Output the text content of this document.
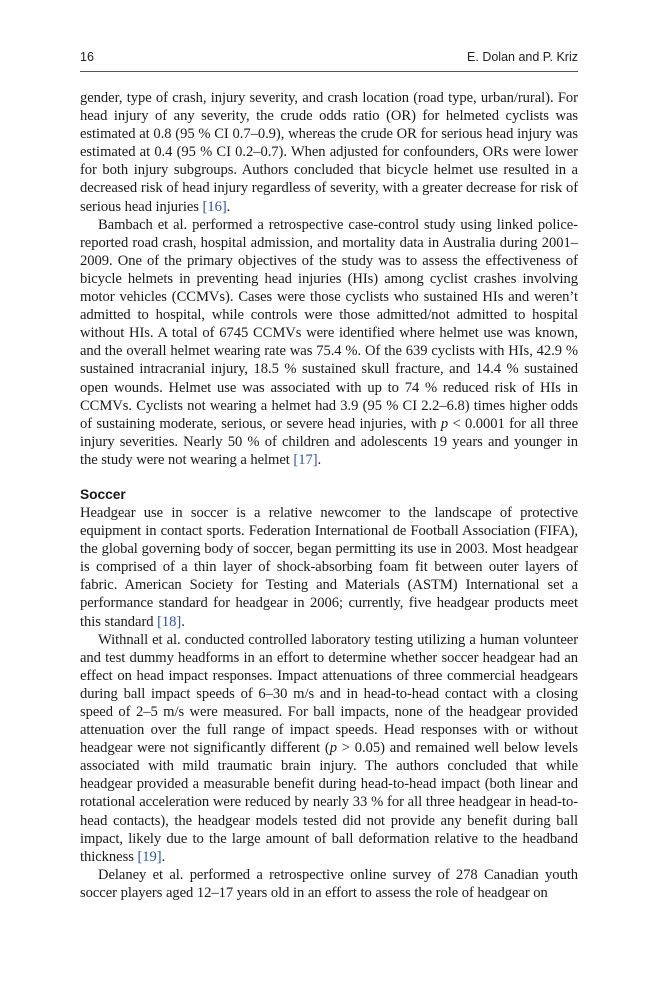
16	E. Dolan and P. Kriz

gender, type of crash, injury severity, and crash location (road type, urban/rural). For head injury of any severity, the crude odds ratio (OR) for helmeted cyclists was estimated at 0.8 (95 % CI 0.7–0.9), whereas the crude OR for serious head injury was estimated at 0.4 (95 % CI 0.2–0.7). When adjusted for confounders, ORs were lower for both injury subgroups. Authors concluded that bicycle helmet use resulted in a decreased risk of head injury regardless of severity, with a greater decrease for risk of serious head injuries [16].

Bambach et al. performed a retrospective case-control study using linked police-reported road crash, hospital admission, and mortality data in Australia during 2001–2009. One of the primary objectives of the study was to assess the effectiveness of bicycle helmets in preventing head injuries (HIs) among cyclist crashes involving motor vehicles (CCMVs). Cases were those cyclists who sustained HIs and weren’t admitted to hospital, while controls were those admitted/not admitted to hospital without HIs. A total of 6745 CCMVs were identified where helmet use was known, and the overall helmet wearing rate was 75.4 %. Of the 639 cyclists with HIs, 42.9 % sustained intracranial injury, 18.5 % sustained skull fracture, and 14.4 % sustained open wounds. Helmet use was associated with up to 74 % reduced risk of HIs in CCMVs. Cyclists not wearing a helmet had 3.9 (95 % CI 2.2–6.8) times higher odds of sustaining moderate, serious, or severe head injuries, with p < 0.0001 for all three injury severities. Nearly 50 % of children and adolescents 19 years and younger in the study were not wearing a helmet [17].

Soccer

Headgear use in soccer is a relative newcomer to the landscape of protective equipment in contact sports. Federation International de Football Association (FIFA), the global governing body of soccer, began permitting its use in 2003. Most headgear is comprised of a thin layer of shock-absorbing foam fit between outer layers of fabric. American Society for Testing and Materials (ASTM) International set a performance standard for headgear in 2006; currently, five headgear products meet this standard [18].

Withnall et al. conducted controlled laboratory testing utilizing a human volunteer and test dummy headforms in an effort to determine whether soccer headgear had an effect on head impact responses. Impact attenuations of three commercial headgears during ball impact speeds of 6–30 m/s and in head-to-head contact with a closing speed of 2–5 m/s were measured. For ball impacts, none of the headgear provided attenuation over the full range of impact speeds. Head responses with or without headgear were not significantly different (p > 0.05) and remained well below levels associated with mild traumatic brain injury. The authors concluded that while headgear provided a measurable benefit during head-to-head impact (both linear and rotational acceleration were reduced by nearly 33 % for all three headgear in head-to-head contacts), the headgear models tested did not provide any benefit during ball impact, likely due to the large amount of ball deformation relative to the headband thickness [19].

Delaney et al. performed a retrospective online survey of 278 Canadian youth soccer players aged 12–17 years old in an effort to assess the role of headgear on
